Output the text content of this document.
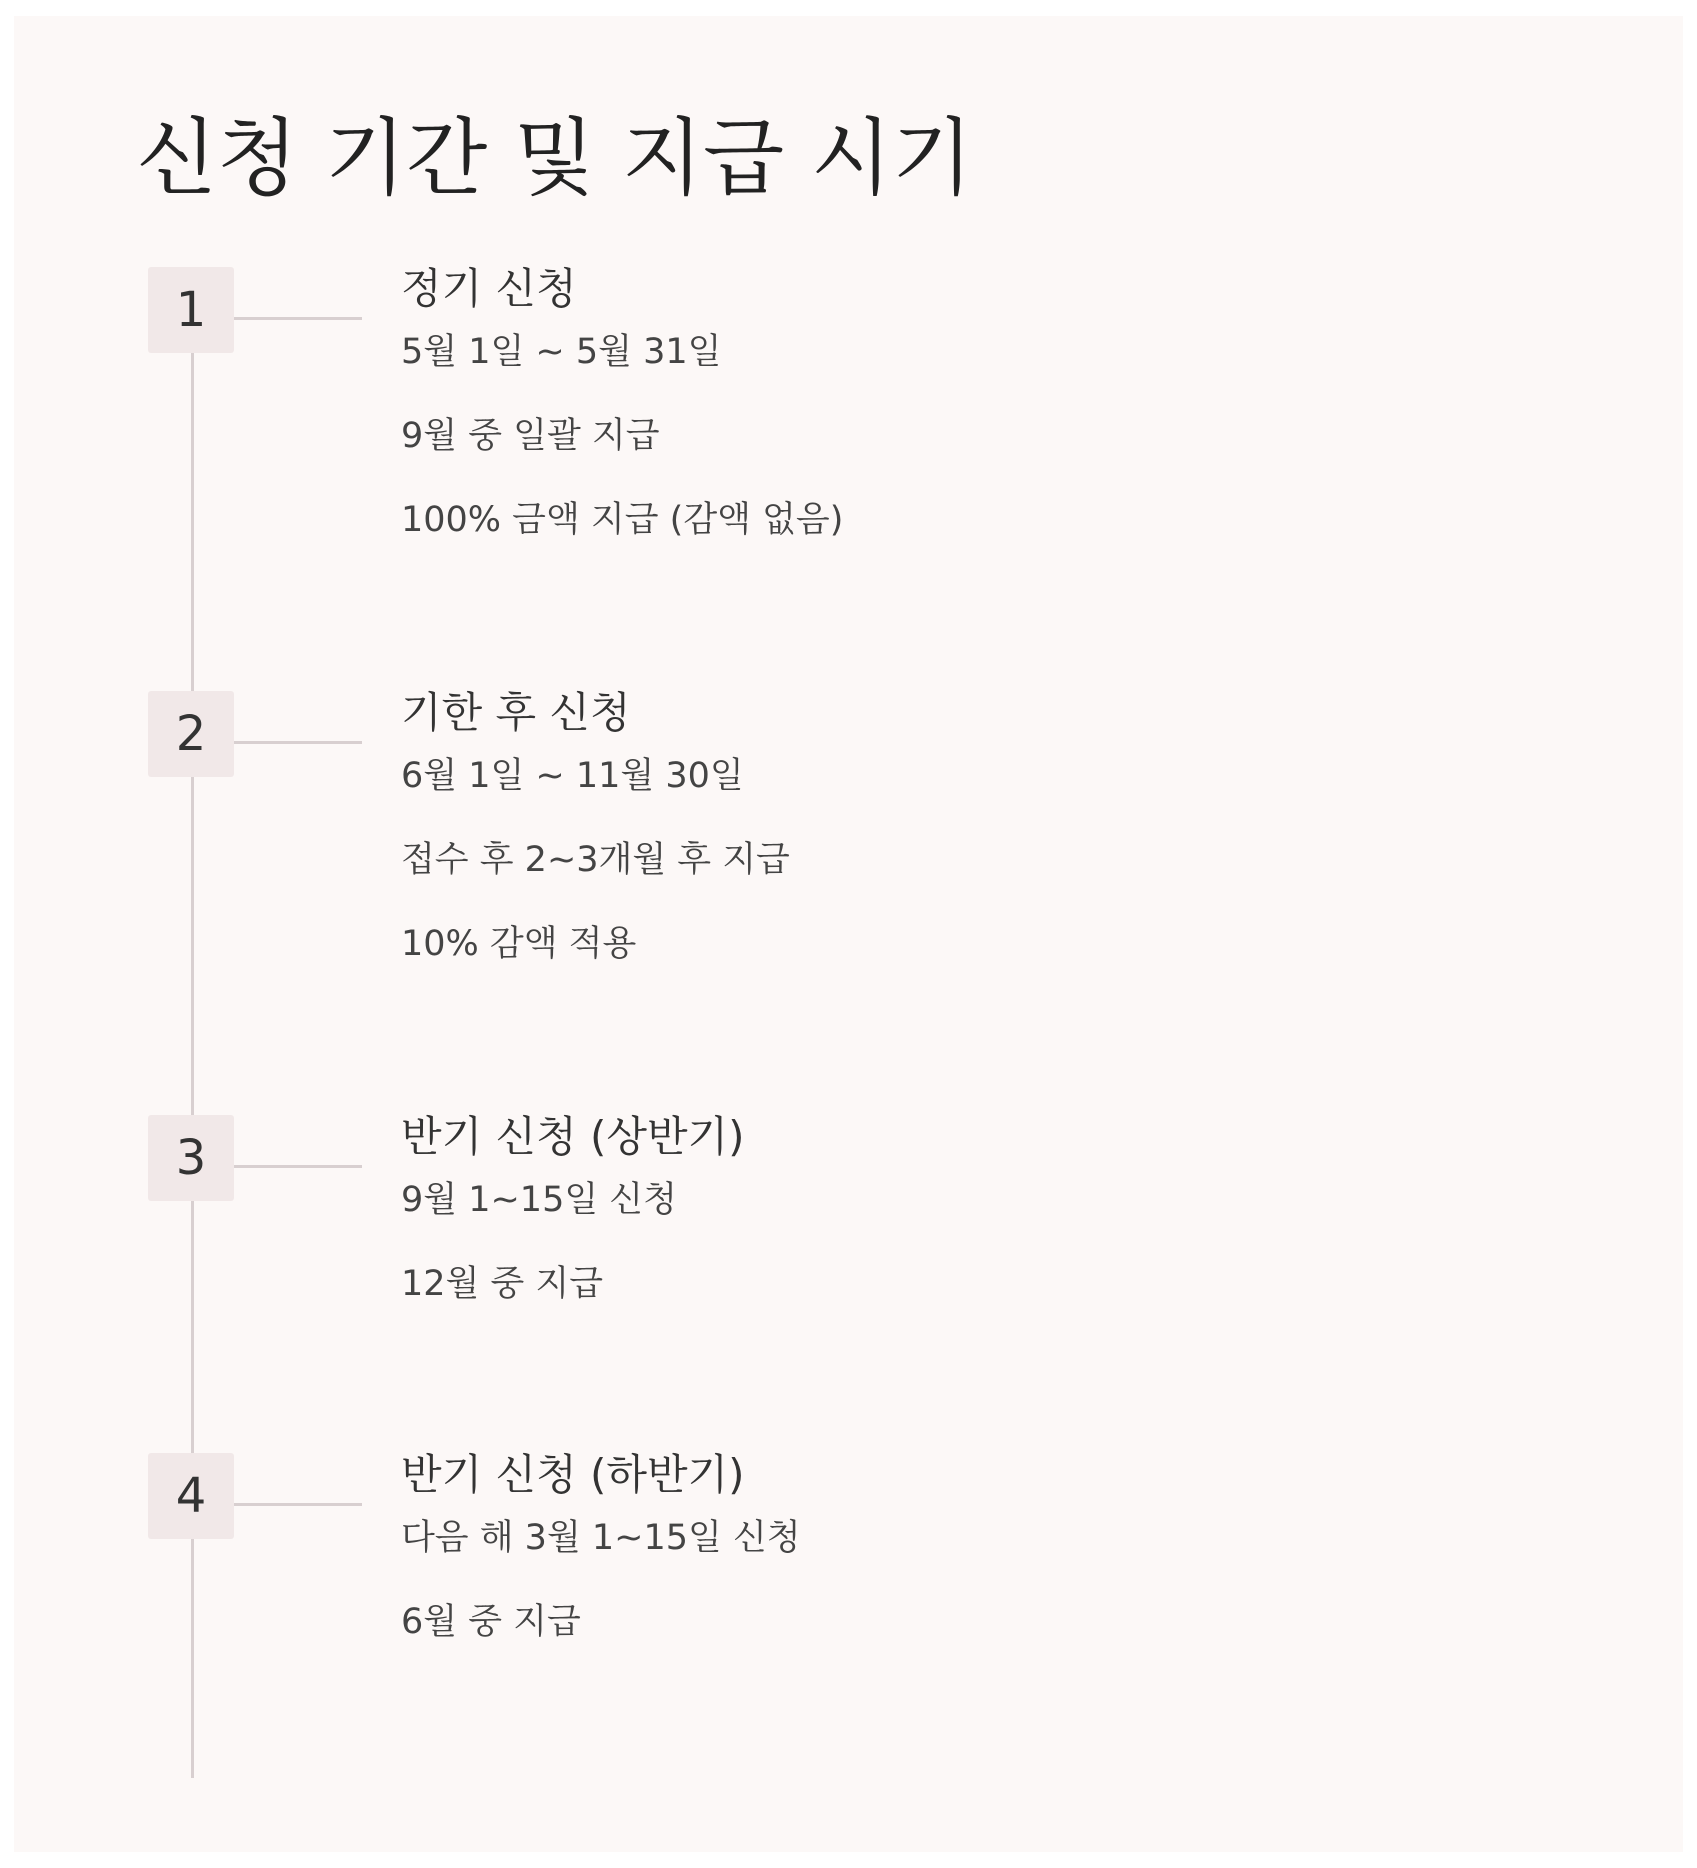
신청 기간 및 지급 시기
1	정기 신청

5월 1일 ~ 5월 31일

9월 중 일괄 지급

100% 금액 지급 (감액 없음)

2	기한 후 신청

6월 1일 ~ 11월 30일

접수 후 2~3개월 후 지급

10% 감액 적용

3	반기 신청 (상반기)

9월 1~15일 신청

12월 중 지급

4	반기 신청 (하반기)

다음 해 3월 1~15일 신청

6월 중 지급
